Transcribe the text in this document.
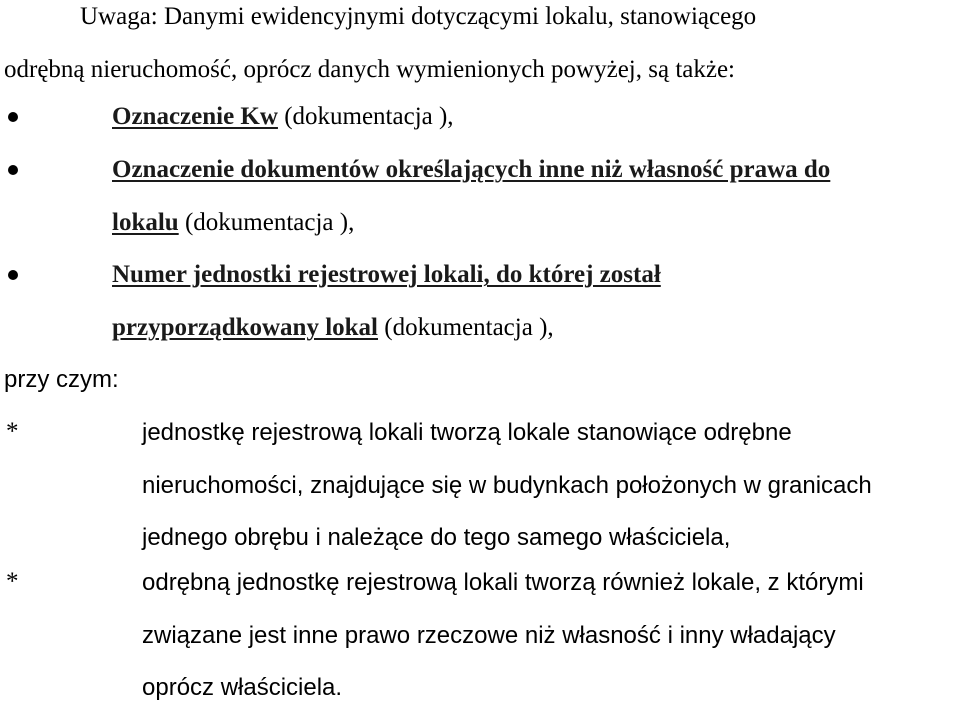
Uwaga: Danymi ewidencyjnymi dotyczącymi lokalu, stanowiącego

odrębną nieruchomość, oprócz danych wymienionych powyżej, są także:

Oznaczenie Kw (dokumentacja ),

Oznaczenie dokumentów określających inne niż własność prawa do

lokalu (dokumentacja ),

Numer jednostki rejestrowej lokali, do której został

przyporządkowany lokal (dokumentacja ),

przy czym:

*	jednostkę rejestrową lokali tworzą lokale stanowiące odrębne

nieruchomości, znajdujące się w budynkach położonych w granicach

jednego obrębu i należące do tego samego właściciela,

*	odrębną jednostkę rejestrową lokali tworzą również lokale, z którymi

związane jest inne prawo rzeczowe niż własność i inny władający

oprócz właściciela.
